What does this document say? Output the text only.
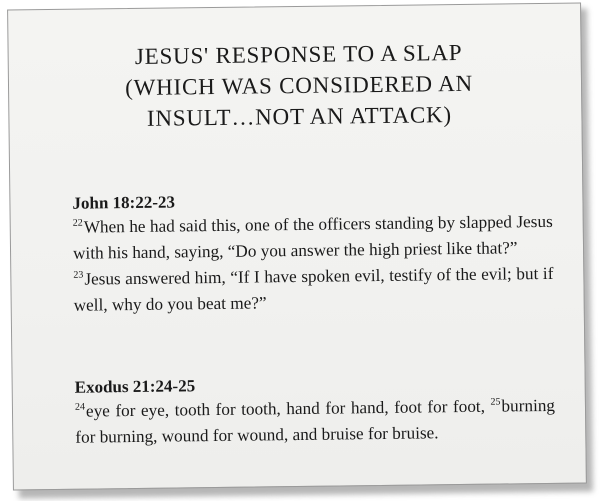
JESUS' RESPONSE TO A SLAP
(WHICH WAS CONSIDERED AN
INSULT…NOT AN ATTACK)
John 18:22-23
$^{22}$When he had said this, one of the officers standing by slapped Jesus with his hand, saying, “Do you answer the high priest like that?”
$^{23}$Jesus answered him, “If I have spoken evil, testify of the evil; but if well, why do you beat me?”
Exodus 21:24-25
$^{24}$eye for eye, tooth for tooth, hand for hand, foot for foot, $^{25}$burning for burning, wound for wound, and bruise for bruise.
